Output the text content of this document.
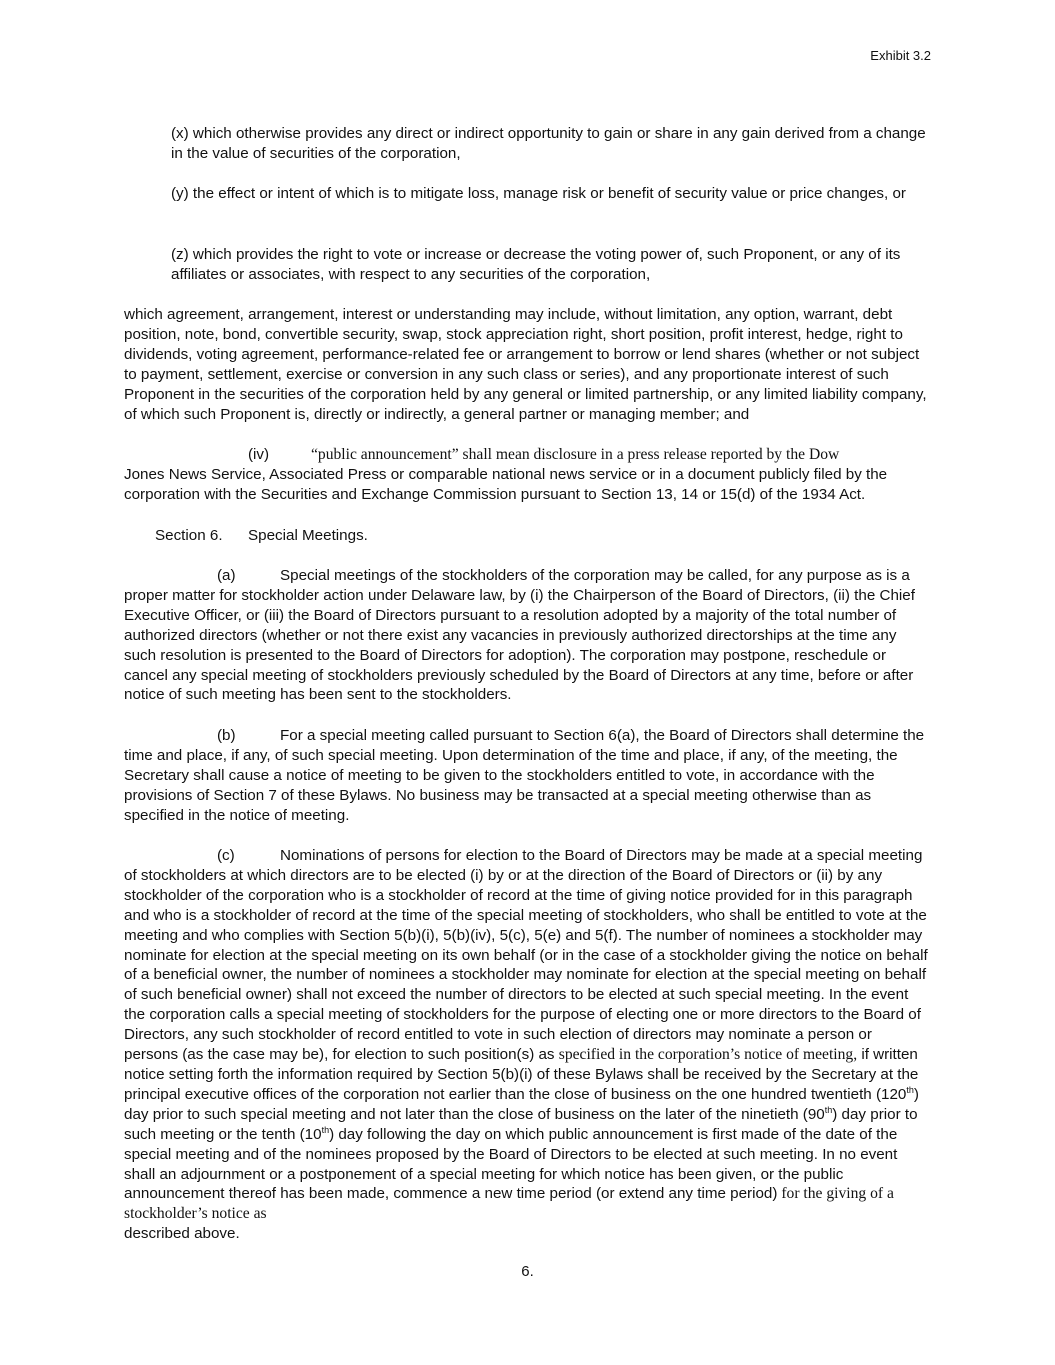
Exhibit 3.2

(x) which otherwise provides any direct or indirect opportunity to gain or share in any gain derived from a change in the value of securities of the corporation,

(y) the effect or intent of which is to mitigate loss, manage risk or benefit of security value or price changes, or

(z) which provides the right to vote or increase or decrease the voting power of, such Proponent, or any of its affiliates or associates, with respect to any securities of the corporation,

which agreement, arrangement, interest or understanding may include, without limitation, any option, warrant, debt position, note, bond, convertible security, swap, stock appreciation right, short position, profit interest, hedge, right to dividends, voting agreement, performance-related fee or arrangement to borrow or lend shares (whether or not subject to payment, settlement, exercise or conversion in any such class or series), and any proportionate interest of such Proponent in the securities of the corporation held by any general or limited partnership, or any limited liability company, of which such Proponent is, directly or indirectly, a general partner or managing member; and

(iv)	“public announcement” shall mean disclosure in a press release reported by the Dow
Jones News Service, Associated Press or comparable national news service or in a document publicly filed by the corporation with the Securities and Exchange Commission pursuant to Section 13, 14 or 15(d) of the 1934 Act.

Section 6. Special Meetings.

(a)	Special meetings of the stockholders of the corporation may be called, for any purpose as is a proper matter for stockholder action under Delaware law, by (i) the Chairperson of the Board of Directors, (ii) the Chief Executive Officer, or (iii) the Board of Directors pursuant to a resolution adopted by a majority of the total number of authorized directors (whether or not there exist any vacancies in previously authorized directorships at the time any such resolution is presented to the Board of Directors for adoption). The corporation may postpone, reschedule or cancel any special meeting of stockholders previously scheduled by the Board of Directors at any time, before or after notice of such meeting has been sent to the stockholders.

(b)	For a special meeting called pursuant to Section 6(a), the Board of Directors shall determine the time and place, if any, of such special meeting. Upon determination of the time and place, if any, of the meeting, the Secretary shall cause a notice of meeting to be given to the stockholders entitled to vote, in accordance with the provisions of Section 7 of these Bylaws. No business may be transacted at a special meeting otherwise than as specified in the notice of meeting.

(c)	Nominations of persons for election to the Board of Directors may be made at a special meeting of stockholders at which directors are to be elected (i) by or at the direction of the Board of Directors or (ii) by any stockholder of the corporation who is a stockholder of record at the time of giving notice provided for in this paragraph and who is a stockholder of record at the time of the special meeting of stockholders, who shall be entitled to vote at the meeting and who complies with Section 5(b)(i), 5(b)(iv), 5(c), 5(e) and 5(f). The number of nominees a stockholder may nominate for election at the special meeting on its own behalf (or in the case of a stockholder giving the notice on behalf of a beneficial owner, the number of nominees a stockholder may nominate for election at the special meeting on behalf of such beneficial owner) shall not exceed the number of directors to be elected at such special meeting. In the event the corporation calls a special meeting of stockholders for the purpose of electing one or more directors to the Board of Directors, any such stockholder of record entitled to vote in such election of directors may nominate a person or persons (as the case may be), for election to such position(s) as specified in the corporation’s notice of meeting, if written notice setting forth the information required by Section 5(b)(i) of these Bylaws shall be received by the Secretary at the principal executive offices of the corporation not earlier than the close of business on the one hundred twentieth (120th) day prior to such special meeting and not later than the close of business on the later of the ninetieth (90th) day prior to such meeting or the tenth (10th) day following the day on which public announcement is first made of the date of the special meeting and of the nominees proposed by the Board of Directors to be elected at such meeting. In no event shall an adjournment or a postponement of a special meeting for which notice has been given, or the public announcement thereof has been made, commence a new time period (or extend any time period) for the giving of a stockholder’s notice as
described above.

6.
